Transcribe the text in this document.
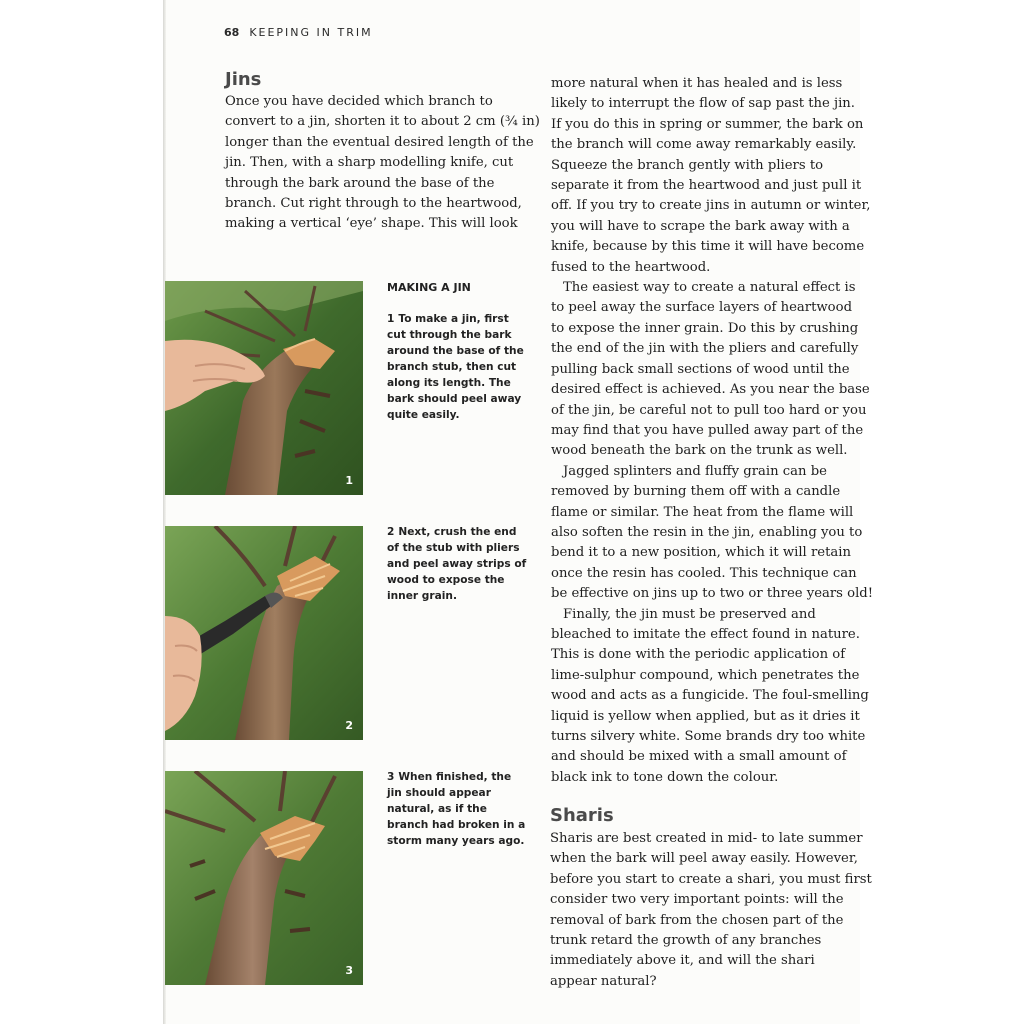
68 KEEPING IN TRIM
Jins
Once you have decided which branch to
convert to a jin, shorten it to about 2 cm (¾ in)
longer than the eventual desired length of the
jin. Then, with a sharp modelling knife, cut
through the bark around the base of the
branch. Cut right through to the heartwood,
making a vertical ‘eye’ shape. This will look
more natural when it has healed and is less
likely to interrupt the flow of sap past the jin.
If you do this in spring or summer, the bark on
the branch will come away remarkably easily.
Squeeze the branch gently with pliers to
separate it from the heartwood and just pull it
off. If you try to create jins in autumn or winter,
you will have to scrape the bark away with a
knife, because by this time it will have become
fused to the heartwood.
The easiest way to create a natural effect is
to peel away the surface layers of heartwood
to expose the inner grain. Do this by crushing
the end of the jin with the pliers and carefully
pulling back small sections of wood until the
desired effect is achieved. As you near the base
of the jin, be careful not to pull too hard or you
may find that you have pulled away part of the
wood beneath the bark on the trunk as well.
Jagged splinters and fluffy grain can be
removed by burning them off with a candle
flame or similar. The heat from the flame will
also soften the resin in the jin, enabling you to
bend it to a new position, which it will retain
once the resin has cooled. This technique can
be effective on jins up to two or three years old!
Finally, the jin must be preserved and
bleached to imitate the effect found in nature.
This is done with the periodic application of
lime-sulphur compound, which penetrates the
wood and acts as a fungicide. The foul-smelling
liquid is yellow when applied, but as it dries it
turns silvery white. Some brands dry too white
and should be mixed with a small amount of
black ink to tone down the colour.
Sharis
Sharis are best created in mid- to late summer
when the bark will peel away easily. However,
before you start to create a shari, you must first
consider two very important points: will the
removal of bark from the chosen part of the
trunk retard the growth of any branches
immediately above it, and will the shari
appear natural?
MAKING A JIN
1 To make a jin, first
cut through the bark
around the base of the
branch stub, then cut
along its length. The
bark should peel away
quite easily.
2 Next, crush the end
of the stub with pliers
and peel away strips of
wood to expose the
inner grain.
3 When finished, the
jin should appear
natural, as if the
branch had broken in a
storm many years ago.
1
2
3
